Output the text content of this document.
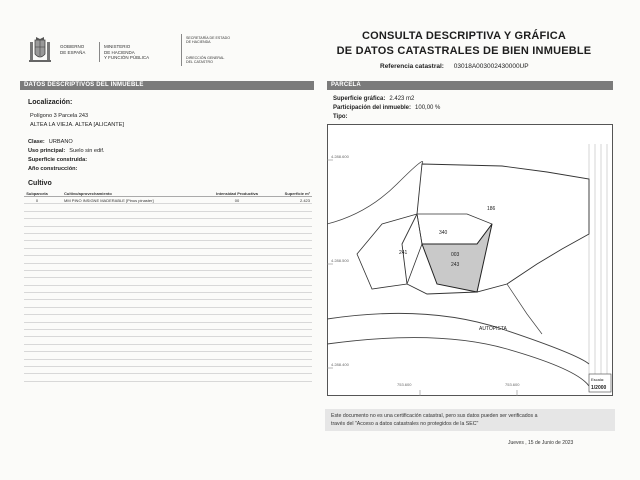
GOBIERNO
DE ESPAÑA
MINISTERIO
DE HACIENDA
Y FUNCIÓN PÚBLICA
SECRETARÍA DE ESTADO
DE HACIENDA
DIRECCIÓN GENERAL
DEL CATASTRO
CONSULTA DESCRIPTIVA Y GRÁFICA
DE DATOS CATASTRALES DE BIEN INMUEBLE
Referencia catastral: 03018A003002430000UP
DATOS DESCRIPTIVOS DEL INMUEBLE
Localización:
Polígono 3 Parcela 243
ALTEA LA VIEJA. ALTEA [ALICANTE]
Clase: URBANO
Uso principal: Suelo sin edif.
Superficie construida:
Año construcción:
Cultivo
Subparcela	Cultivo/aprovechamiento	Intensidad Productiva	Superficie m²
0	MM PINO INSIGNE MADERABLE [Pinus pinaster]	00	2.423
PARCELA
Superficie gráfica: 2.423 m2
Participación del inmueble: 100,00 %
Tipo:
4.288.600
4.288.500
4.288.400
753.600	753.600
186
340
241	003
243
AUTOPISTA
Escala:
1/2000
Este documento no es una certificación catastral, pero sus datos pueden ser verificados a
través del "Acceso a datos catastrales no protegidos de la SEC"
Jueves , 15 de Junio de 2023
